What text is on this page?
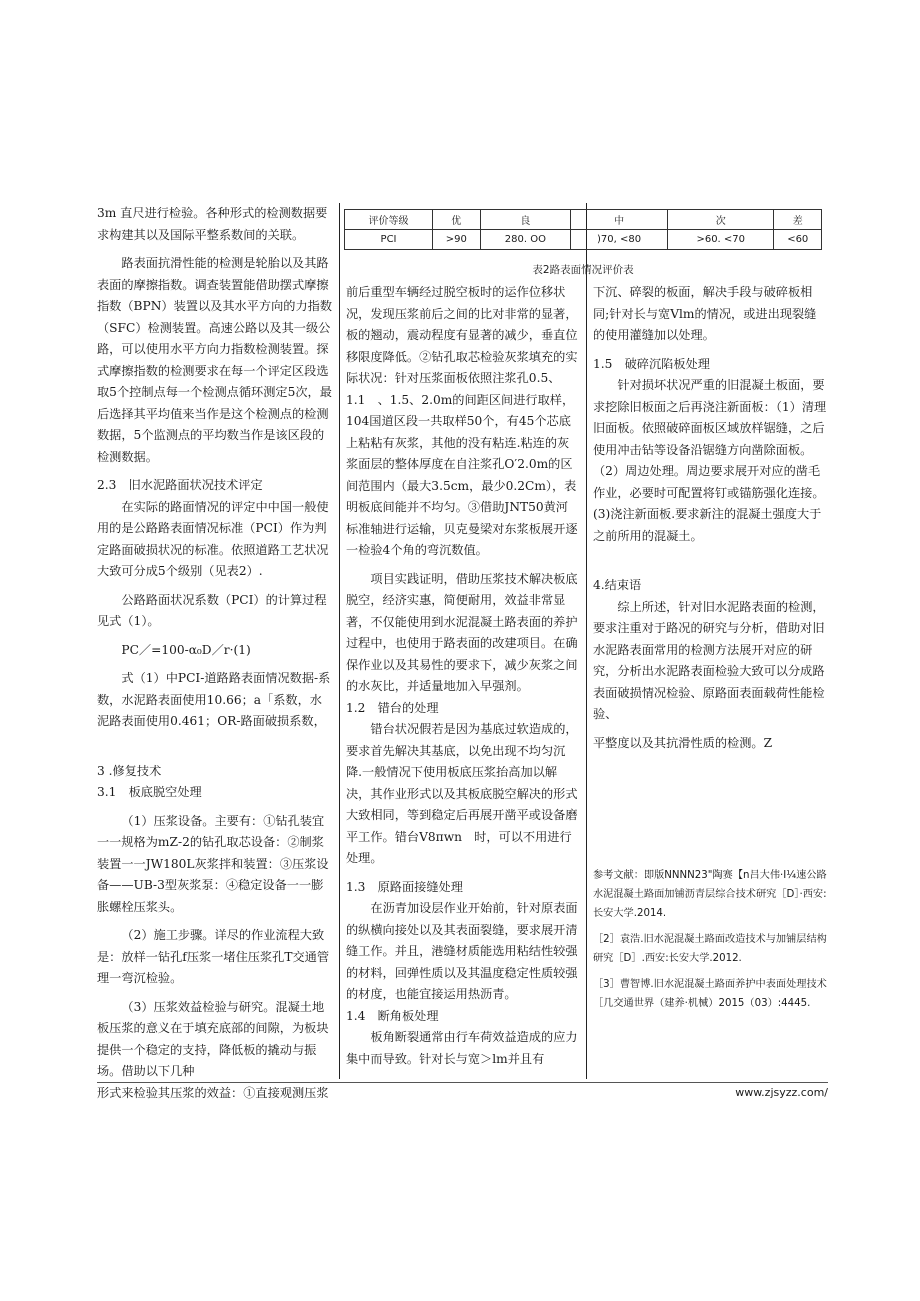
评价等级	优	良	中	次	差
PCI	>90	280. OO	)70, <80	>60. <70	<60
表2路表面情况评价表

3m 直尺进行检验。各种形式的检测数据要求构建其以及国际平整系数间的关联。

路表面抗滑性能的检测是轮胎以及其路表面的摩擦指数。调查装置能借助摆式摩擦指数（BPN）装置以及其水平方向的力指数（SFC）检测装置。高速公路以及其一级公路，可以使用水平方向力指数检测装置。探式摩擦指数的检测要求在每一个评定区段选取5个控制点每一个检测点循环测定5次，最后选择其平均值来当作是这个检测点的检测数据，5个监测点的平均数当作是该区段的检测数据。

2.3　旧水泥路面状况技术评定

在实际的路面情况的评定中中国一般使用的是公路路表面情况标准（PCI）作为判定路面破损状况的标准。依照道路工艺状况大致可分成5个级别（见表2）.

公路路面状况系数（PCI）的计算过程见式（1）。

PC／=100-α₀D／r·(1)

式（1）中PCI-道路路表面情况数据-系数，水泥路表面使用10.66；a「系数，水泥路表面使用0.461；OR-路面破损系数，

3 .修复技术

3.1　板底脱空处理

（1）压浆设备。主要有：①钻孔装宜一一规格为mZ-2的钻孔取芯设备：②制浆装置一一JW180L灰浆拌和装置：③压浆设备——UB-3型灰浆泵：④稳定设备一一膨胀螺栓压浆头。

（2）施工步骤。详尽的作业流程大致是：放样一钻孔f压浆一堵住压浆孔T交通管理一弯沉检验。

（3）压浆效益检验与研究。混凝土地板压浆的意义在于填充底部的间隙，为板块提供一个稳定的支持，降低板的撬动与振场。借助以下几种

形式来检验其压浆的效益：①直接观测压浆

前后重型车辆经过脱空板时的运作位移状况，发现压浆前后之间的比对非常的显著，板的翘动，震动程度有显著的减少，垂直位移限度降低。②钻孔取芯检验灰浆填充的实际状况：针对压浆面板依照注浆孔0.5、1.1　、1.5、2.0m的间距区间进行取样，104国道区段一共取样50个，有45个芯底上粘粘有灰浆，其他的没有粘连.粘连的灰浆面层的整体厚度在自注浆孔O′2.0m的区间范围内（最大3.5cm，最少0.2Cm），表明板底间能并不均匀。③借助JNT50黄河标准轴进行运输，贝克曼梁对东浆板展开逐一检验4个角的弯沉数值。

项目实践证明，借助压浆技术解决板底脱空，经济实惠，简便耐用，效益非常显著，不仅能使用到水泥混凝土路表面的养护过程中，也使用于路表面的改建项目。在确保作业以及其易性的要求下，减少灰浆之间的水灰比，并适量地加入早强剂。

1.2　错台的处理

错台状况假若是因为基底过软造成的，要求首先解决其基底，以免出现不均匀沉降.一般情况下使用板底压浆抬高加以解决，其作业形式以及其板底脱空解决的形式大致相同，等到稳定后再展开凿平或设备磨平工作。错台V8πwn　时，可以不用进行处理。

1.3　原路面接缝处理

在沥青加设层作业开始前，针对原表面的纵横向接处以及其表面裂缝，要求展开清缝工作。并且，港缝材质能选用粘结性较强的材料，回弹性质以及其温度稳定性质较强的材度，也能宜接运用热沥青。

1.4　断角板处理

板角断裂通常由行车荷效益造成的应力集中而导致。针对长与宽＞lm并且有

下沉、碎裂的板面，解决手段与破碎板相同;针对长与宽Vlm的情况，或进出现裂缝的使用灌缝加以处理。

1.5　破碎沉陷板处理

针对损坏状况严重的旧混凝土板面，要求挖除旧板面之后再浇注新面板：（1）清理旧面板。依照破碎面板区域放样锯缝，之后使用冲击钻等设备沿锯缝方向凿除面板。（2）周边处理。周边要求展开对应的凿毛作业，必要时可配置将钉或锚筋强化连接。

(3)浇注新面板.要求新注的混凝土强度大于之前所用的混凝土。

4.结束语

综上所述，针对旧水泥路表面的检测，要求注重对于路况的研究与分析，借助对旧水泥路表面常用的检测方法展开对应的研究，分析出水泥路表面检验大致可以分成路表面破损情况检验、原路面表面载荷性能检验、

平整度以及其抗滑性质的检测。Z

参考文献：即版NNNN23"陶赛【n吕大伟·I¼速公路水泥混凝土路面加铺沥青层综合技术研究［D］·西安:长安大学.2014.

［2］袁浩.旧水泥混凝土路面改造技术与加铺层结构研究［D］.西安:长安大学.2012.

［3］曹智博.旧水泥混凝土路面养护中表面处理技术［几交通世界（建养·机械）2015（03）:4445.

www.zjsyzz.com/
